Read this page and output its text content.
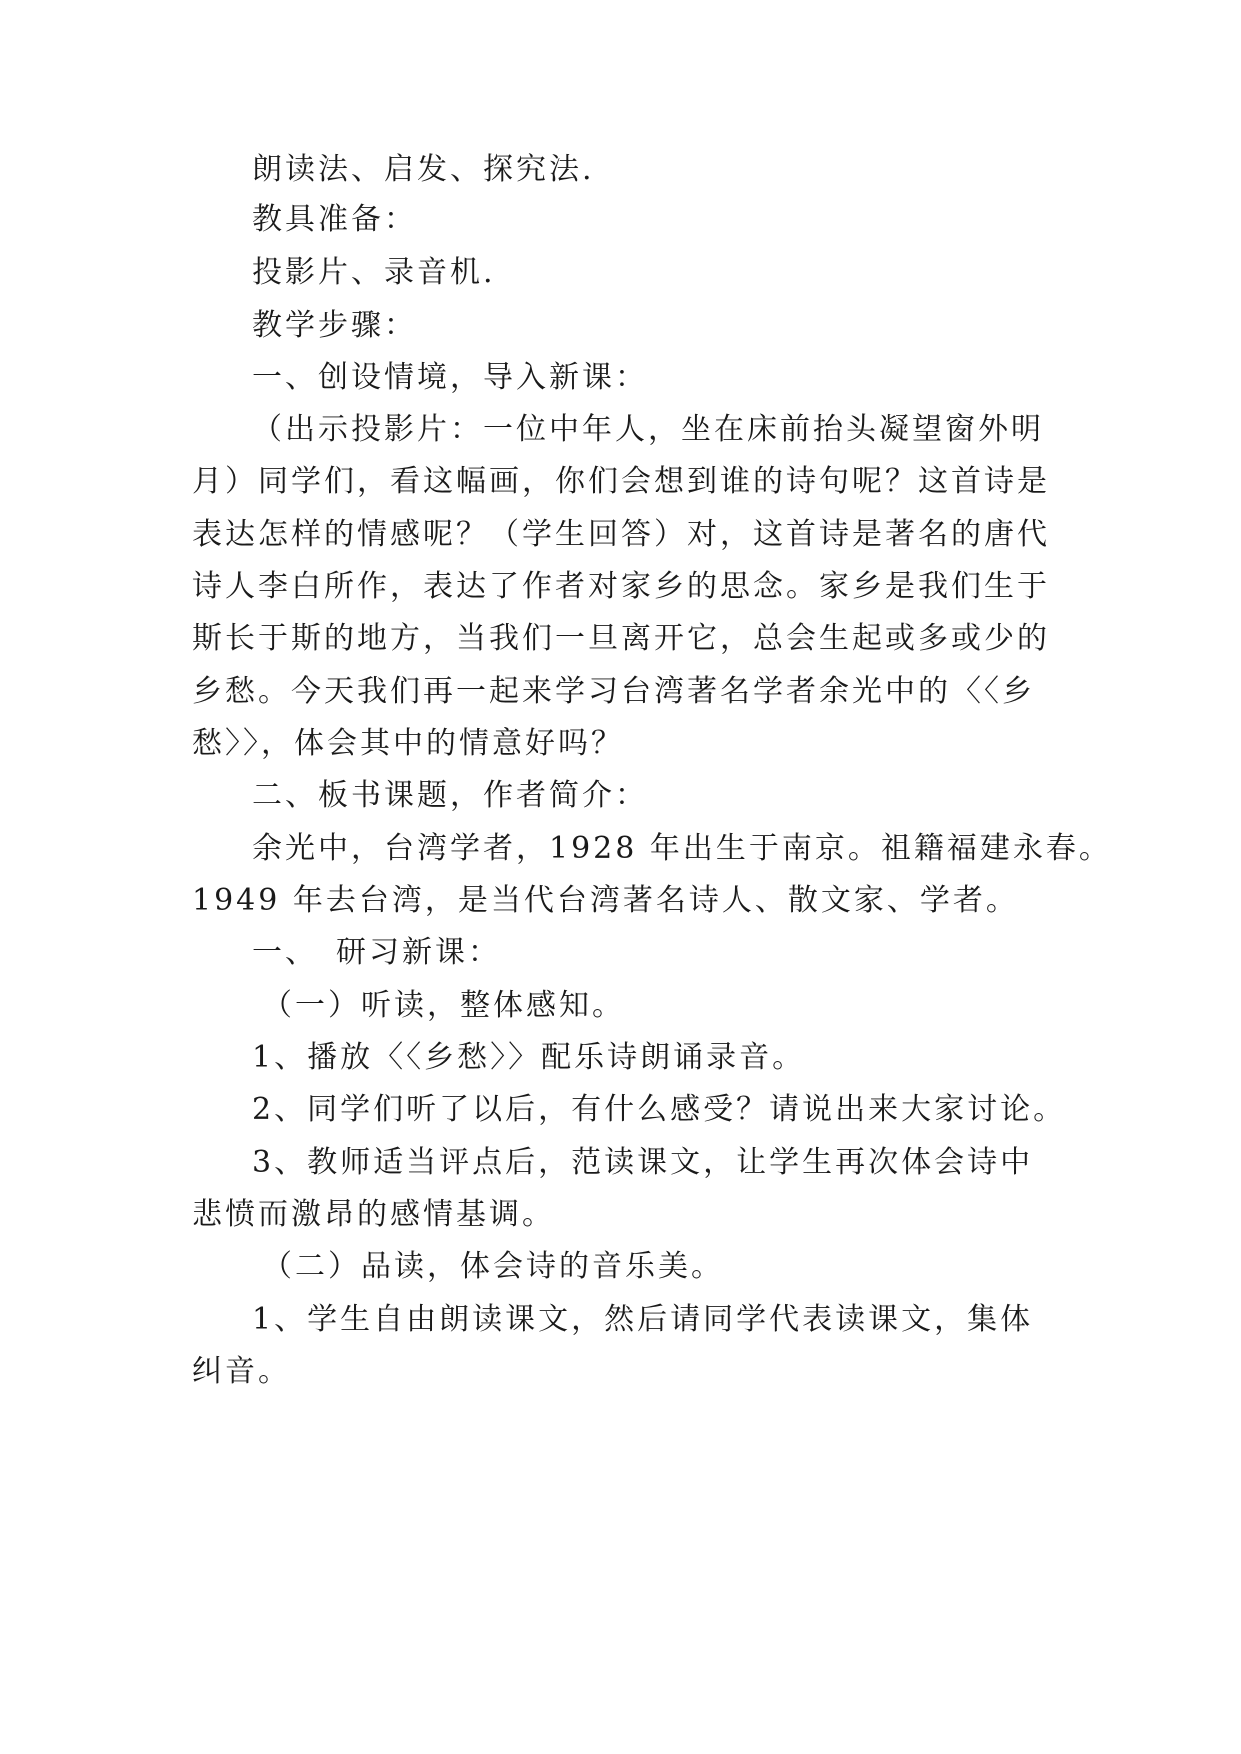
朗读法、启发、探究法.
教具准备：
投影片、录音机.
教学步骤：
一、创设情境，导入新课：
（出示投影片：一位中年人，坐在床前抬头凝望窗外明
月）同学们，看这幅画，你们会想到谁的诗句呢？这首诗是
表达怎样的情感呢？（学生回答）对，这首诗是著名的唐代
诗人李白所作，表达了作者对家乡的思念。家乡是我们生于
斯长于斯的地方，当我们一旦离开它，总会生起或多或少的
乡愁。今天我们再一起来学习台湾著名学者余光中的〈〈乡
愁〉〉，体会其中的情意好吗？
二、板书课题，作者简介：
余光中，台湾学者，1928 年出生于南京。祖籍福建永春。
1949 年去台湾，是当代台湾著名诗人、散文家、学者。
一、　研习新课：
（一）听读，整体感知。
1、播放〈〈乡愁〉〉配乐诗朗诵录音。
2、同学们听了以后，有什么感受？请说出来大家讨论。
3、教师适当评点后，范读课文，让学生再次体会诗中
悲愤而激昂的感情基调。
（二）品读，体会诗的音乐美。
1、学生自由朗读课文，然后请同学代表读课文，集体
纠音。
